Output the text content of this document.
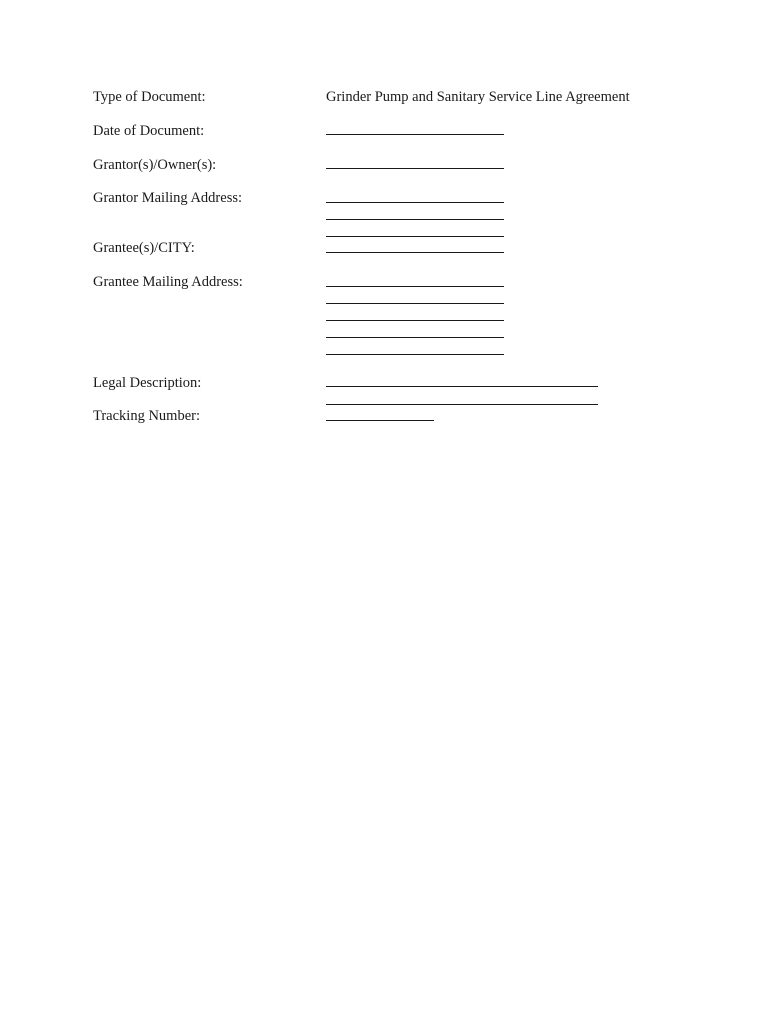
Type of Document:	Grinder Pump and Sanitary Service Line Agreement
Date of Document:
Grantor(s)/Owner(s):
Grantor Mailing Address:
Grantee(s)/CITY:
Grantee Mailing Address:
Legal Description:
Tracking Number:
